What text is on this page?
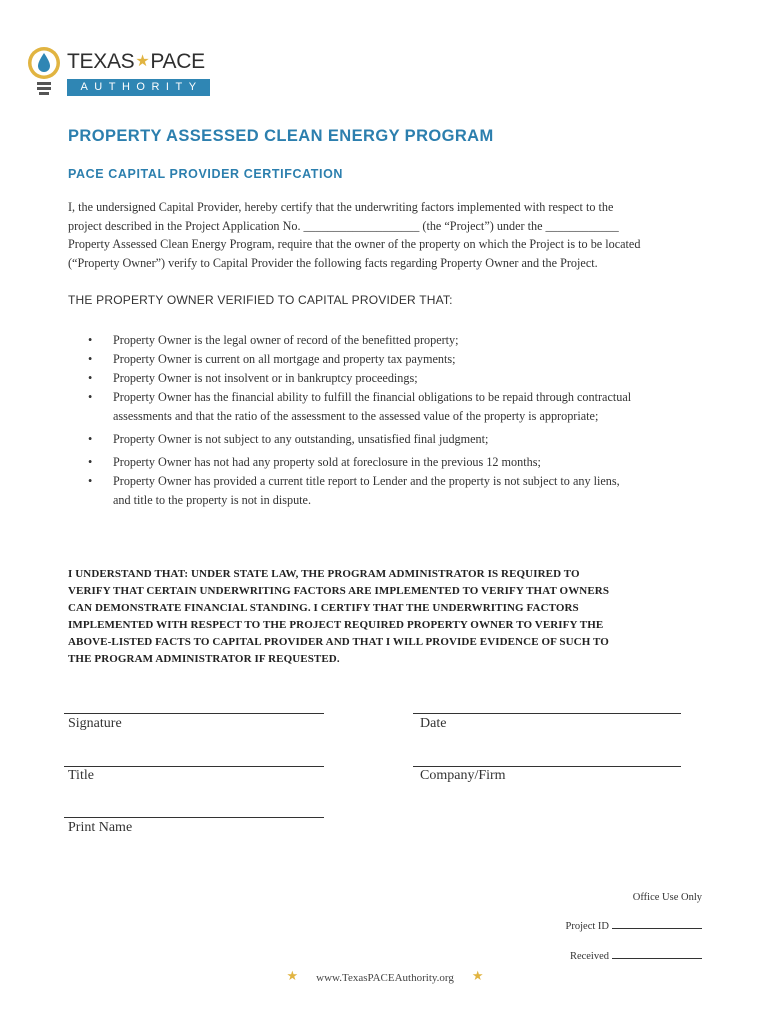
TEXAS★PACE
AUTHORITY
PROPERTY ASSESSED CLEAN ENERGY PROGRAM
PACE CAPITAL PROVIDER CERTIFCATION
I, the undersigned Capital Provider, hereby certify that the underwriting factors implemented with respect to the
project described in the Project Application No. ___________________ (the “Project”) under the ____________
Property Assessed Clean Energy Program, require that the owner of the property on which the Project is to be located
(“Property Owner”) verify to Capital Provider the following facts regarding Property Owner and the Project.
THE PROPERTY OWNER VERIFIED TO CAPITAL PROVIDER THAT:
• Property Owner is the legal owner of record of the benefitted property;
• Property Owner is current on all mortgage and property tax payments;
• Property Owner is not insolvent or in bankruptcy proceedings;
• Property Owner has the financial ability to fulfill the financial obligations to be repaid through contractual
assessments and that the ratio of the assessment to the assessed value of the property is appropriate;
• Property Owner is not subject to any outstanding, unsatisfied final judgment;
• Property Owner has not had any property sold at foreclosure in the previous 12 months;
• Property Owner has provided a current title report to Lender and the property is not subject to any liens,
and title to the property is not in dispute.
I UNDERSTAND THAT: UNDER STATE LAW, THE PROGRAM ADMINISTRATOR IS REQUIRED TO
VERIFY THAT CERTAIN UNDERWRITING FACTORS ARE IMPLEMENTED TO VERIFY THAT OWNERS
CAN DEMONSTRATE FINANCIAL STANDING. I CERTIFY THAT THE UNDERWRITING FACTORS
IMPLEMENTED WITH RESPECT TO THE PROJECT REQUIRED PROPERTY OWNER TO VERIFY THE
ABOVE-LISTED FACTS TO CAPITAL PROVIDER AND THAT I WILL PROVIDE EVIDENCE OF SUCH TO
THE PROGRAM ADMINISTRATOR IF REQUESTED.
Signature	Date
Title	Company/Firm
Print Name
Office Use Only
Project ID
Received
★ www.TexasPACEAuthority.org ★
